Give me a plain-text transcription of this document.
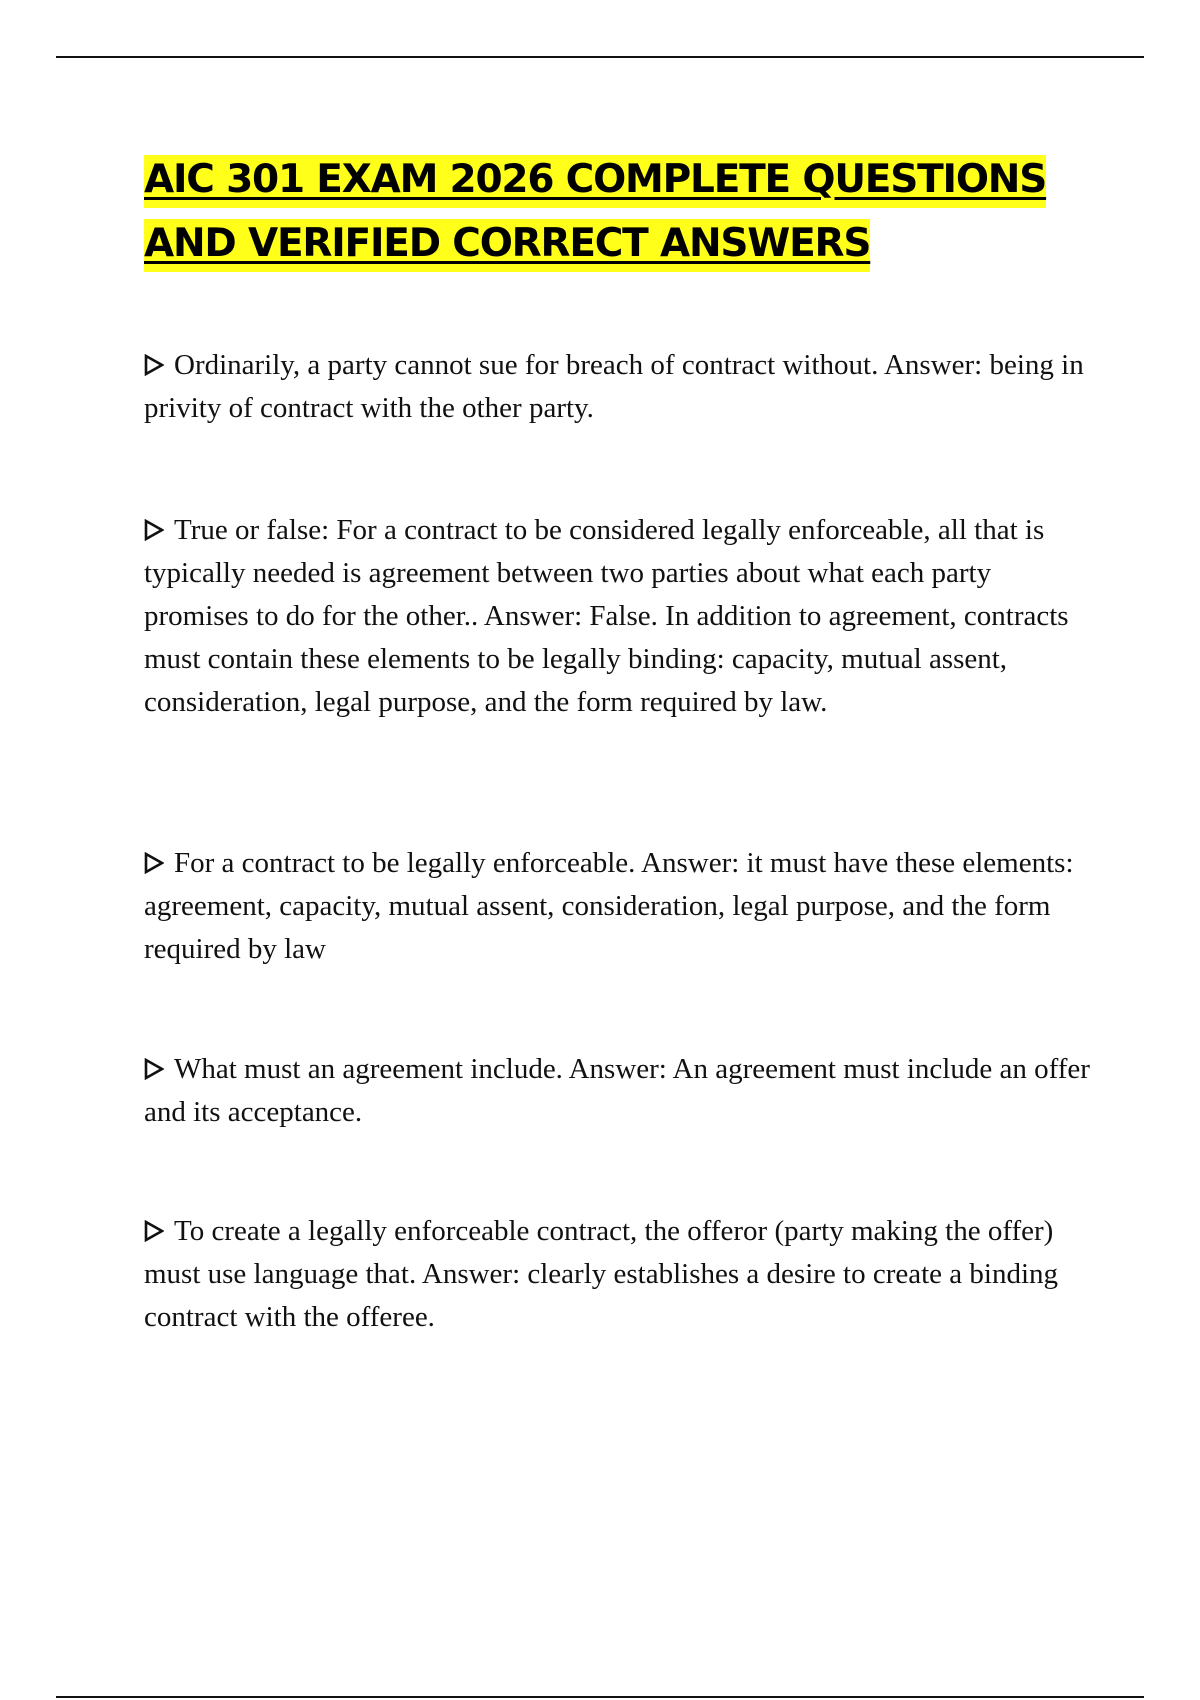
AIC 301 EXAM 2026 COMPLETE QUESTIONS
AND VERIFIED CORRECT ANSWERS
Ordinarily, a party cannot sue for breach of contract without. Answer: being in privity of contract with the other party.
True or false: For a contract to be considered legally enforceable, all that is typically needed is agreement between two parties about what each party promises to do for the other.. Answer: False. In addition to agreement, contracts must contain these elements to be legally binding: capacity, mutual assent, consideration, legal purpose, and the form required by law.
For a contract to be legally enforceable. Answer: it must have these elements: agreement, capacity, mutual assent, consideration, legal purpose, and the form required by law
What must an agreement include. Answer: An agreement must include an offer and its acceptance.
To create a legally enforceable contract, the offeror (party making the offer) must use language that. Answer: clearly establishes a desire to create a binding contract with the offeree.
